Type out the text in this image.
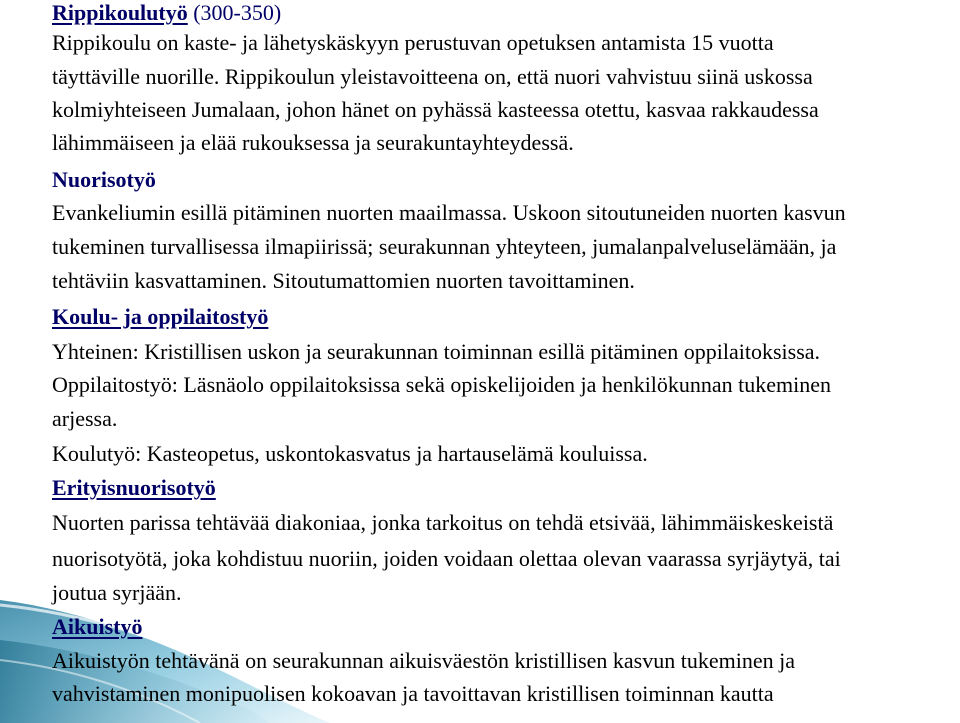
Rippikoulutyö (300-350)
Rippikoulu on kaste- ja lähetyskäskyyn perustuvan opetuksen antamista 15 vuotta
täyttäville nuorille. Rippikoulun yleistavoitteena on, että nuori vahvistuu siinä uskossa
kolmiyhteiseen Jumalaan, johon hänet on pyhässä kasteessa otettu, kasvaa rakkaudessa
lähimmäiseen ja elää rukouksessa ja seurakuntayhteydessä.
Nuorisotyö
Evankeliumin esillä pitäminen nuorten maailmassa. Uskoon sitoutuneiden nuorten kasvun
tukeminen turvallisessa ilmapiirissä; seurakunnan yhteyteen, jumalanpalveluselämään, ja
tehtäviin kasvattaminen. Sitoutumattomien nuorten tavoittaminen.
Koulu- ja oppilaitostyö
Yhteinen: Kristillisen uskon ja seurakunnan toiminnan esillä pitäminen oppilaitoksissa.
Oppilaitostyö: Läsnäolo oppilaitoksissa sekä opiskelijoiden ja henkilökunnan tukeminen
arjessa.
Koulutyö: Kasteopetus, uskontokasvatus ja hartauselämä kouluissa.
Erityisnuorisotyö
Nuorten parissa tehtävää diakoniaa, jonka tarkoitus on tehdä etsivää, lähimmäiskeskeistä
nuorisotyötä, joka kohdistuu nuoriin, joiden voidaan olettaa olevan vaarassa syrjäytyä, tai
joutua syrjään.
Aikuistyö
Aikuistyön tehtävänä on seurakunnan aikuisväestön kristillisen kasvun tukeminen ja
vahvistaminen monipuolisen kokoavan ja tavoittavan kristillisen toiminnan kautta
